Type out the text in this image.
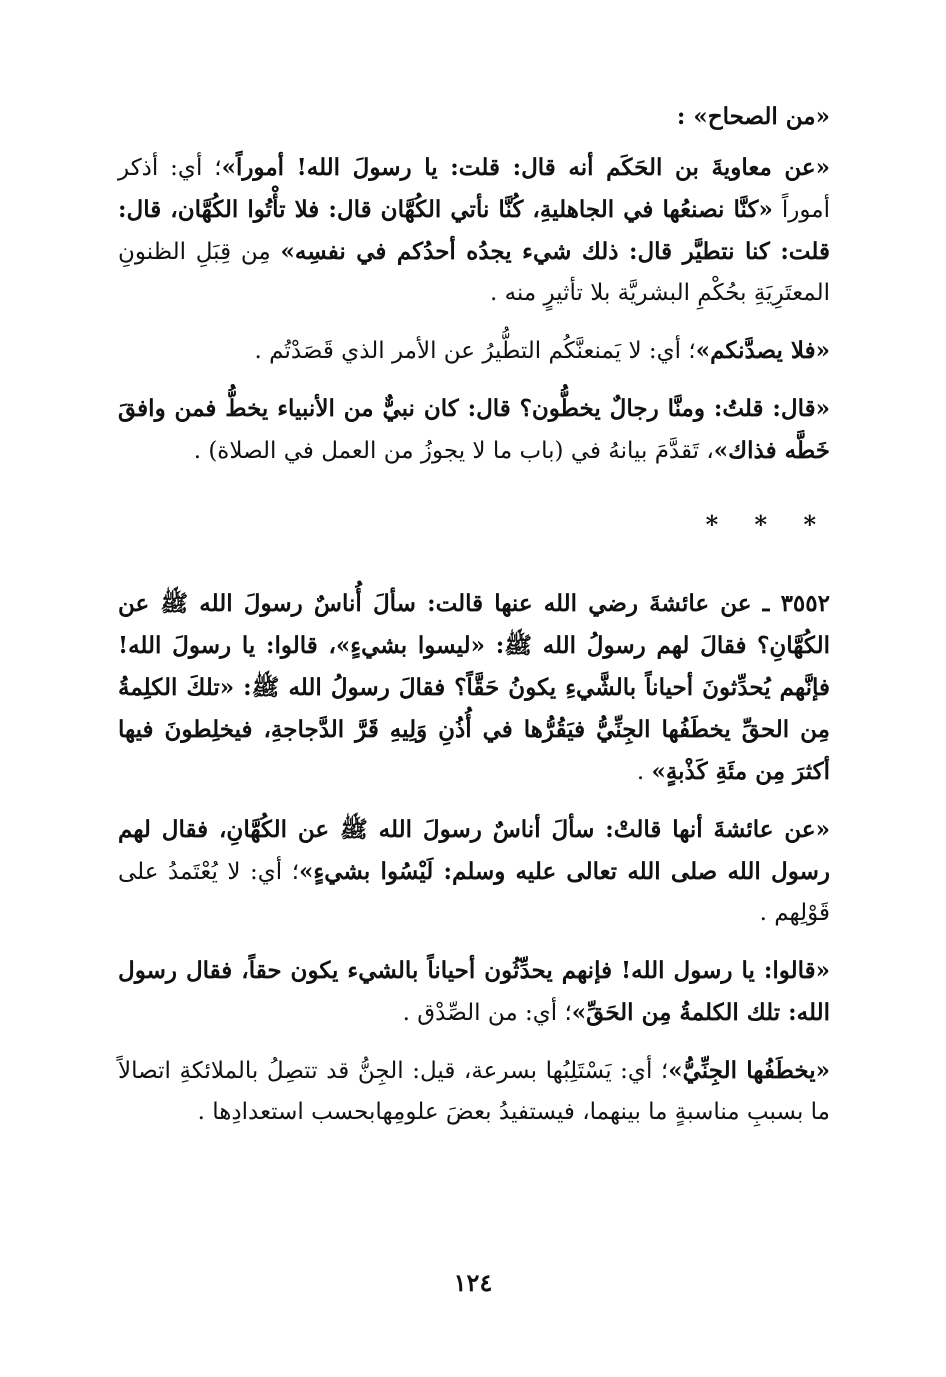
«من الصحاح» :

«عن معاويةَ بن الحَكَم أنه قال: قلت: يا رسولَ الله! أموراً»؛ أي: أذكر أموراً «كنَّا نصنعُها في الجاهليةِ، كُنَّا نأتي الكُهَّان قال: فلا تأْتُوا الكُهَّان، قال: قلت: كنا نتطيَّر قال: ذلك شيء يجدُه أحدُكم في نفسِه» مِن قِبَلِ الظنونِ المعتَرِيَةِ بحُكْمِ البشريَّة بلا تأثيرٍ منه .

«فلا يصدَّنكم»؛ أي: لا يَمنعنَّكُم التطُّيرُ عن الأمر الذي قَصَدْتُم .

«قال: قلتُ: ومنَّا رجالٌ يخطُّون؟ قال: كان نبيٌّ من الأنبياء يخطُّ فمن وافقَ خَطَّه فذاك»، تَقدَّمَ بيانهُ في (باب ما لا يجوزُ من العمل في الصلاة) .

* * *

٣٥٥٢ ـ عن عائشةَ رضي الله عنها قالت: سألَ أُناسٌ رسولَ الله ﷺ عن الكُهَّانِ؟ فقالَ لهم رسولُ الله ﷺ: «ليسوا بشيءٍ»، قالوا: يا رسولَ الله! فإنَّهم يُحدِّثونَ أحياناً بالشَّيءِ يكونُ حَقَّاً؟ فقالَ رسولُ الله ﷺ: «تلكَ الكلِمةُ مِن الحقِّ يخطَفُها الجِنِّيُّ فيَقُرُّها في أُذُنِ وَلِيهِ قَرَّ الدَّجاجةِ، فيخلِطونَ فيها أكثرَ مِن مئَةِ كَذْبةٍ» .

«عن عائشةَ أنها قالتْ: سألَ أناسٌ رسولَ الله ﷺ عن الكُهَّانِ، فقال لهم رسول الله صلى الله تعالى عليه وسلم: لَيْسُوا بشيءٍ»؛ أي: لا يُعْتَمدُ على قَوْلِهم .

«قالوا: يا رسول الله! فإنهم يحدِّثُون أحياناً بالشيء يكون حقاً، فقال رسول الله: تلك الكلمةُ مِن الحَقِّ»؛ أي: من الصِّدْق .

«يخطَفُها الجِنِّيُّ»؛ أي: يَسْتَلِبُها بسرعة، قيل: الجِنُّ قد تتصِلُ بالملائكةِ اتصالاً ما بسببِ مناسبةٍ ما بينهما، فيستفيدُ بعضَ علومِهابحسب استعدادِها .

١٢٤
